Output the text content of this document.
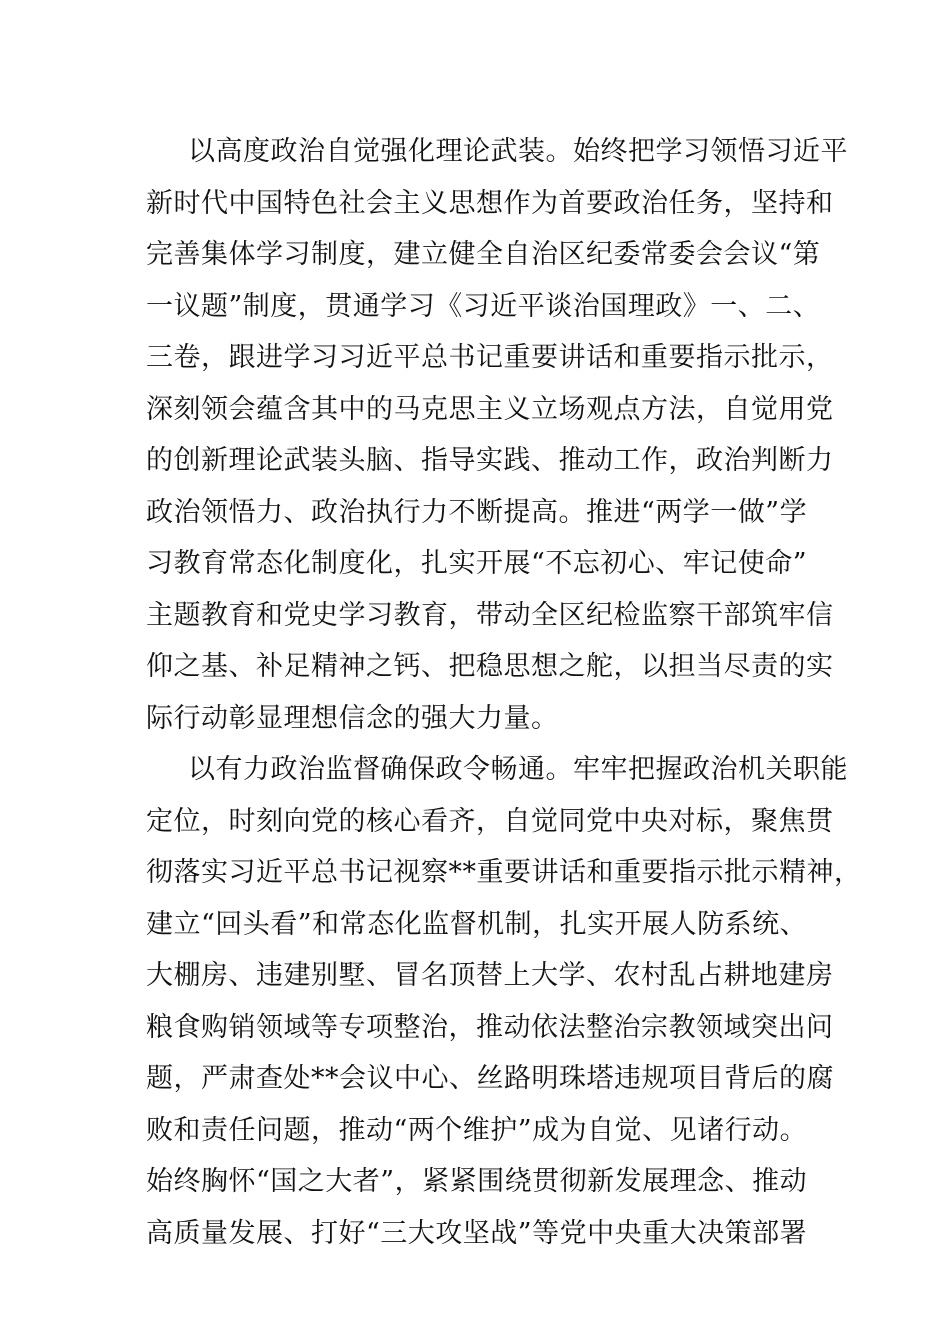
以高度政治自觉强化理论武装。始终把学习领悟习近平
新时代中国特色社会主义思想作为首要政治任务，坚持和
完善集体学习制度，建立健全自治区纪委常委会会议“第
一议题”制度，贯通学习《习近平谈治国理政》一、二、
三卷，跟进学习习近平总书记重要讲话和重要指示批示，
深刻领会蕴含其中的马克思主义立场观点方法，自觉用党
的创新理论武装头脑、指导实践、推动工作，政治判断力
政治领悟力、政治执行力不断提高。推进“两学一做”学
习教育常态化制度化，扎实开展“不忘初心、牢记使命”
主题教育和党史学习教育，带动全区纪检监察干部筑牢信
仰之基、补足精神之钙、把稳思想之舵，以担当尽责的实
际行动彰显理想信念的强大力量。
以有力政治监督确保政令畅通。牢牢把握政治机关职能
定位，时刻向党的核心看齐，自觉同党中央对标，聚焦贯
彻落实习近平总书记视察**重要讲话和重要指示批示精神，
建立“回头看”和常态化监督机制，扎实开展人防系统、
大棚房、违建别墅、冒名顶替上大学、农村乱占耕地建房
粮食购销领域等专项整治，推动依法整治宗教领域突出问
题，严肃查处**会议中心、丝路明珠塔违规项目背后的腐
败和责任问题，推动“两个维护”成为自觉、见诸行动。
始终胸怀“国之大者”，紧紧围绕贯彻新发展理念、推动
高质量发展、打好“三大攻坚战”等党中央重大决策部署
